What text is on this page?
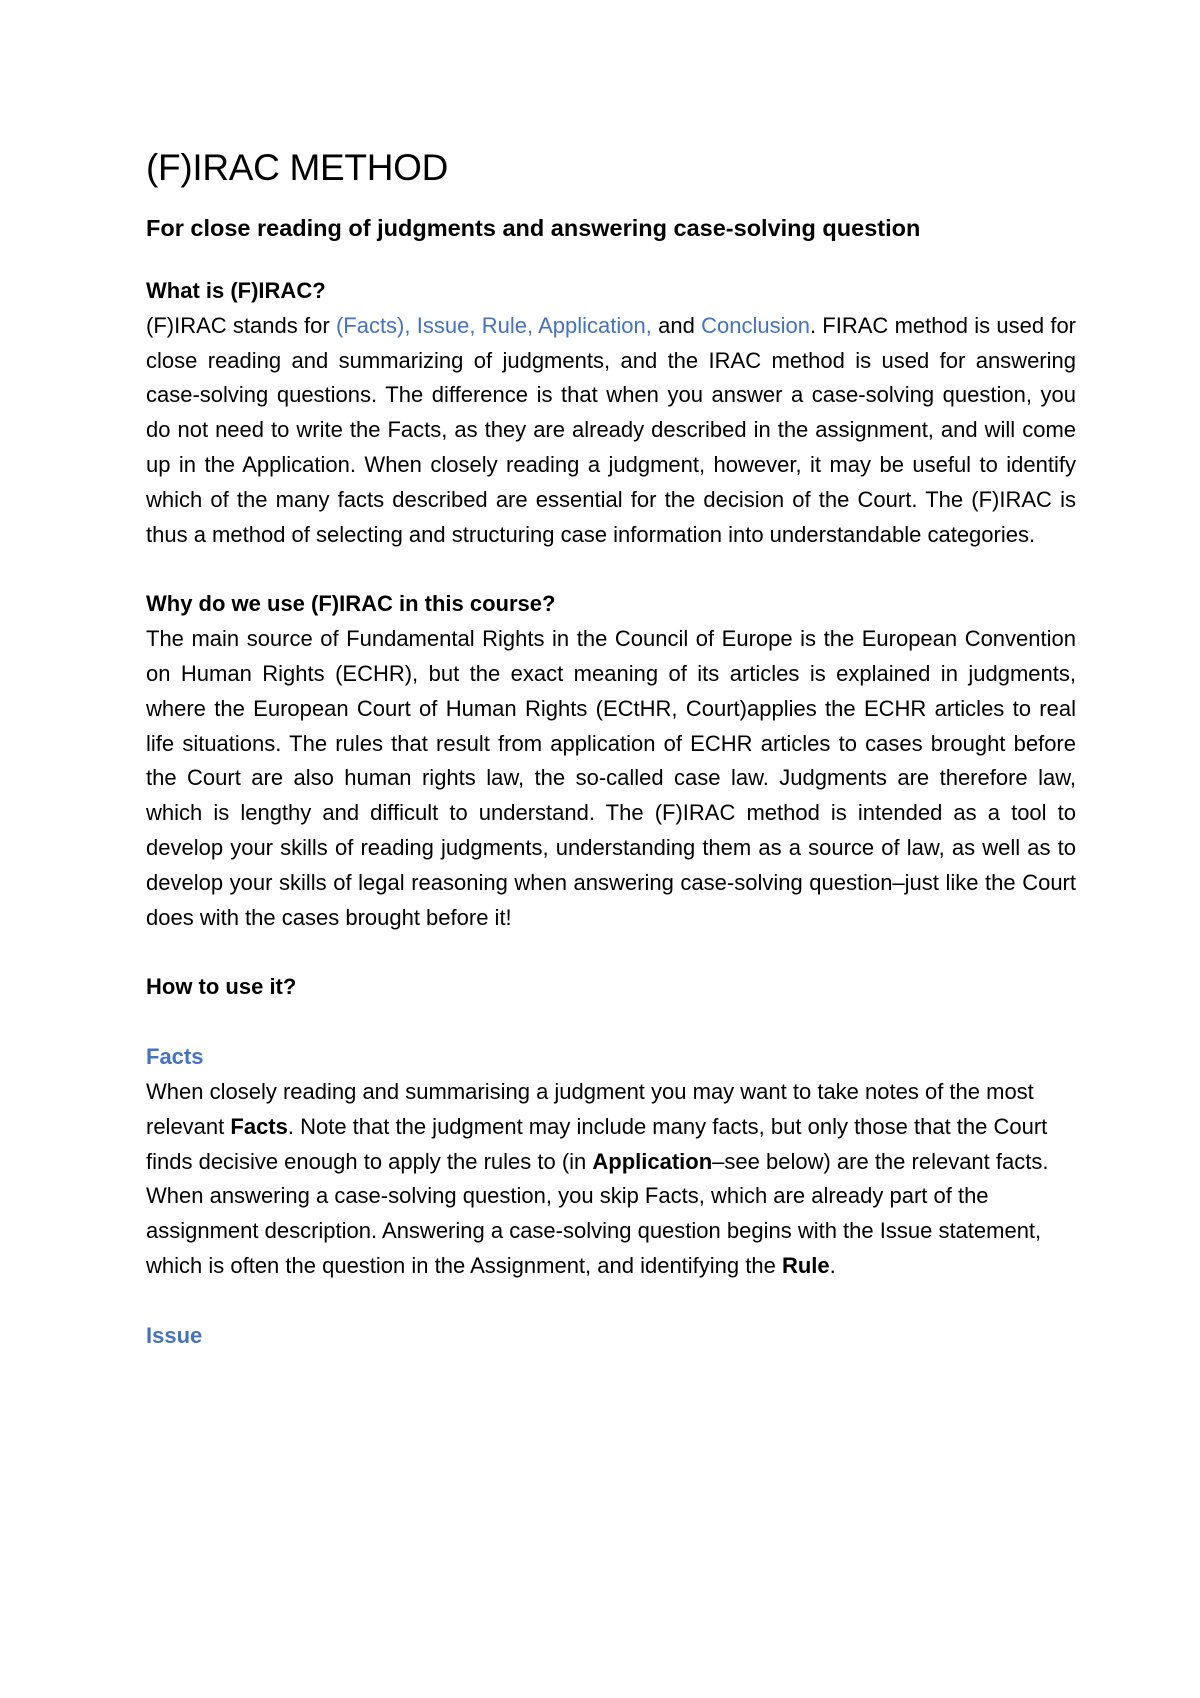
(F)IRAC METHOD
For close reading of judgments and answering case-solving question
What is (F)IRAC?

(F)IRAC stands for (Facts), Issue, Rule, Application, and Conclusion. FIRAC method is used for close reading and summarizing of judgments, and the IRAC method is used for answering case-solving questions. The difference is that when you answer a case-solving question, you do not need to write the Facts, as they are already described in the assignment, and will come up in the Application. When closely reading a judgment, however, it may be useful to identify which of the many facts described are essential for the decision of the Court. The (F)IRAC is thus a method of selecting and structuring case information into understandable categories.

Why do we use (F)IRAC in this course?

The main source of Fundamental Rights in the Council of Europe is the European Convention on Human Rights (ECHR), but the exact meaning of its articles is explained in judgments, where the European Court of Human Rights (ECtHR, Court)applies the ECHR articles to real life situations. The rules that result from application of ECHR articles to cases brought before the Court are also human rights law, the so-called case law. Judgments are therefore law, which is lengthy and difficult to understand. The (F)IRAC method is intended as a tool to develop your skills of reading judgments, understanding them as a source of law, as well as to develop your skills of legal reasoning when answering case-solving question–just like the Court does with the cases brought before it!

How to use it?
Facts

When closely reading and summarising a judgment you may want to take notes of the most relevant Facts. Note that the judgment may include many facts, but only those that the Court finds decisive enough to apply the rules to (in Application–see below) are the relevant facts. When answering a case-solving question, you skip Facts, which are already part of the assignment description. Answering a case-solving question begins with the Issue statement, which is often the question in the Assignment, and identifying the Rule.

Issue
